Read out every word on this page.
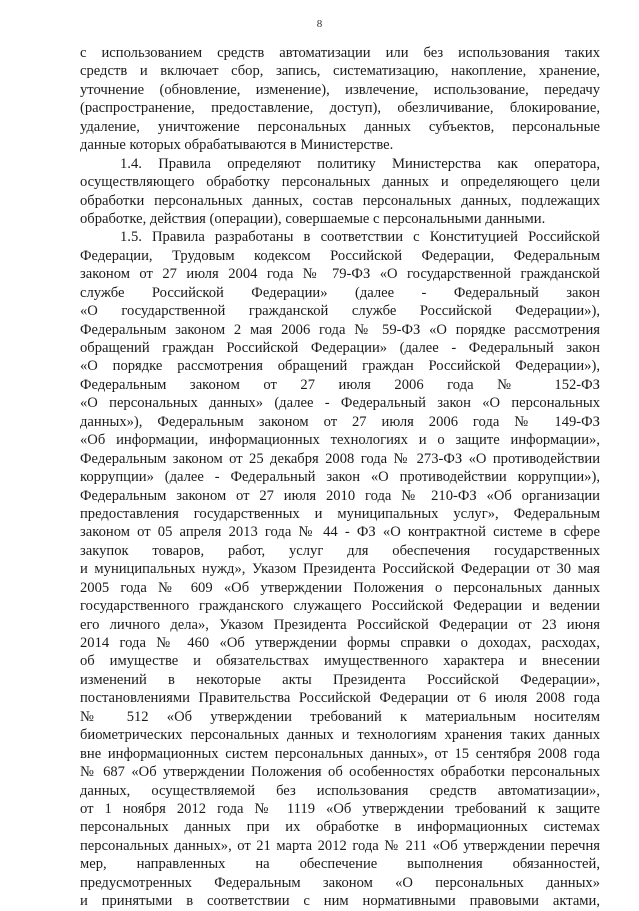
8
с использованием средств автоматизации или без использования таких
средств и включает сбор, запись, систематизацию, накопление, хранение,
уточнение (обновление, изменение), извлечение, использование, передачу
(распространение, предоставление, доступ), обезличивание, блокирование,
удаление, уничтожение персональных данных субъектов, персональные
данные которых обрабатываются в Министерстве.
1.4. Правила определяют политику Министерства как оператора,
осуществляющего обработку персональных данных и определяющего цели
обработки персональных данных, состав персональных данных, подлежащих
обработке, действия (операции), совершаемые с персональными данными.
1.5. Правила разработаны в соответствии с Конституцией Российской
Федерации, Трудовым кодексом Российской Федерации, Федеральным
законом от 27 июля 2004 года № 79-ФЗ «О государственной гражданской
службе Российской Федерации» (далее - Федеральный закон
«О государственной гражданской службе Российской Федерации»),
Федеральным законом 2 мая 2006 года № 59-ФЗ «О порядке рассмотрения
обращений граждан Российской Федерации» (далее - Федеральный закон
«О порядке рассмотрения обращений граждан Российской Федерации»),
Федеральным законом от 27 июля 2006 года № 152-ФЗ
«О персональных данных» (далее - Федеральный закон «О персональных
данных»), Федеральным законом от 27 июля 2006 года № 149-ФЗ
«Об информации, информационных технологиях и о защите информации»,
Федеральным законом от 25 декабря 2008 года № 273-ФЗ «О противодействии
коррупции» (далее - Федеральный закон «О противодействии коррупции»),
Федеральным законом от 27 июля 2010 года № 210-ФЗ «Об организации
предоставления государственных и муниципальных услуг», Федеральным
законом от 05 апреля 2013 года № 44 - ФЗ «О контрактной системе в сфере
закупок товаров, работ, услуг для обеспечения государственных
и муниципальных нужд», Указом Президента Российской Федерации от 30 мая
2005 года № 609 «Об утверждении Положения о персональных данных
государственного гражданского служащего Российской Федерации и ведении
его личного дела», Указом Президента Российской Федерации от 23 июня
2014 года № 460 «Об утверждении формы справки о доходах, расходах,
об имуществе и обязательствах имущественного характера и внесении
изменений в некоторые акты Президента Российской Федерации»,
постановлениями Правительства Российской Федерации от 6 июля 2008 года
№ 512 «Об утверждении требований к материальным носителям
биометрических персональных данных и технологиям хранения таких данных
вне информационных систем персональных данных», от 15 сентября 2008 года
№ 687 «Об утверждении Положения об особенностях обработки персональных
данных, осуществляемой без использования средств автоматизации»,
от 1 ноября 2012 года № 1119 «Об утверждении требований к защите
персональных данных при их обработке в информационных системах
персональных данных», от 21 марта 2012 года № 211 «Об утверждении перечня
мер, направленных на обеспечение выполнения обязанностей,
предусмотренных Федеральным законом «О персональных данных»
и принятыми в соответствии с ним нормативными правовыми актами,
